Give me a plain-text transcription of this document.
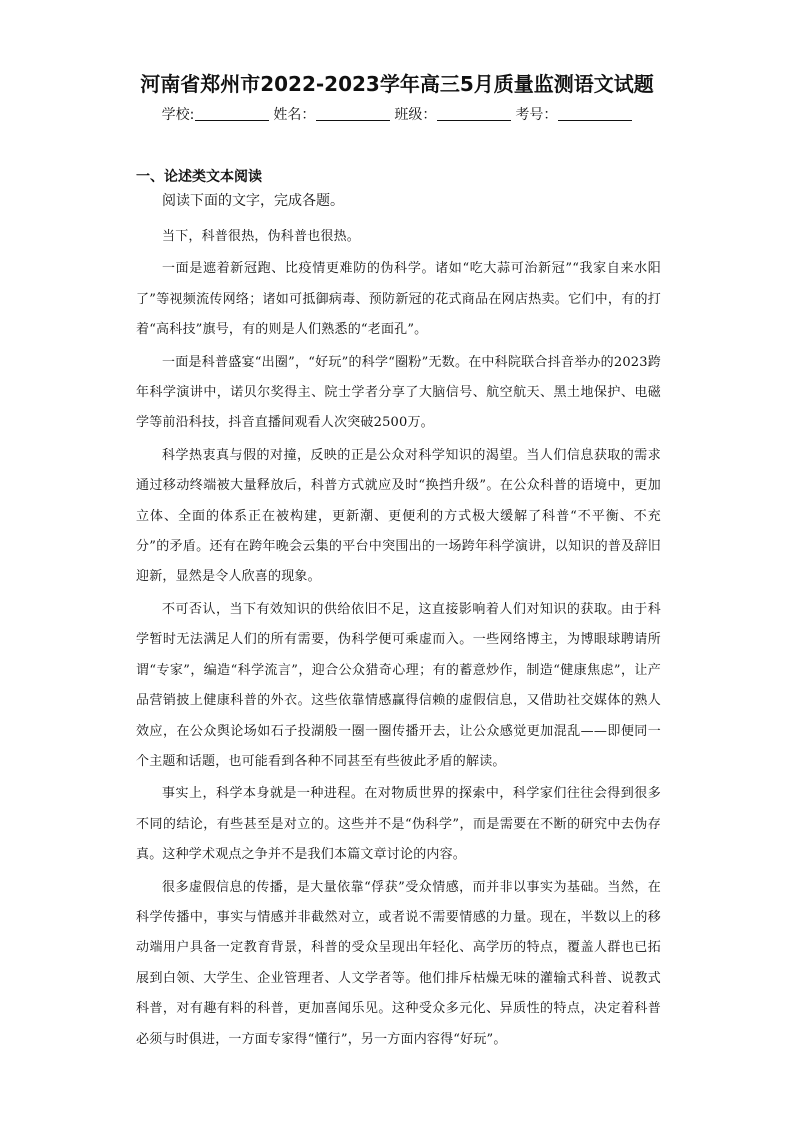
河南省郑州市2022-2023学年高三5月质量监测语文试题
学校:	姓名：	班级：	考号：
一、论述类文本阅读
阅读下面的文字，完成各题。

当下，科普很热，伪科普也很热。

一面是遮着新冠跑、比疫情更难防的伪科学。诸如“吃大蒜可治新冠”“我家自来水阳了”等视频流传网络；诸如可抵御病毒、预防新冠的花式商品在网店热卖。它们中，有的打着“高科技”旗号，有的则是人们熟悉的“老面孔”。

一面是科普盛宴“出圈”，“好玩”的科学“圈粉”无数。在中科院联合抖音举办的2023跨年科学演讲中，诺贝尔奖得主、院士学者分享了大脑信号、航空航天、黑土地保护、电磁学等前沿科技，抖音直播间观看人次突破2500万。

科学热衷真与假的对撞，反映的正是公众对科学知识的渴望。当人们信息获取的需求通过移动终端被大量释放后，科普方式就应及时“换挡升级”。在公众科普的语境中，更加立体、全面的体系正在被构建，更新潮、更便利的方式极大缓解了科普“不平衡、不充分”的矛盾。还有在跨年晚会云集的平台中突围出的一场跨年科学演讲，以知识的普及辞旧迎新，显然是令人欣喜的现象。

不可否认，当下有效知识的供给依旧不足，这直接影响着人们对知识的获取。由于科学暂时无法满足人们的所有需要，伪科学便可乘虚而入。一些网络博主，为博眼球聘请所谓“专家”，编造“科学流言”，迎合公众猎奇心理；有的蓄意炒作，制造“健康焦虑”，让产品营销披上健康科普的外衣。这些依靠情感赢得信赖的虚假信息，又借助社交媒体的熟人效应，在公众舆论场如石子投湖般一圈一圈传播开去，让公众感觉更加混乱——即便同一个主题和话题，也可能看到各种不同甚至有些彼此矛盾的解读。

事实上，科学本身就是一种进程。在对物质世界的探索中，科学家们往往会得到很多不同的结论，有些甚至是对立的。这些并不是“伪科学”，而是需要在不断的研究中去伪存真。这种学术观点之争并不是我们本篇文章讨论的内容。

很多虚假信息的传播，是大量依靠“俘获”受众情感，而并非以事实为基础。当然，在科学传播中，事实与情感并非截然对立，或者说不需要情感的力量。现在，半数以上的移动端用户具备一定教育背景，科普的受众呈现出年轻化、高学历的特点，覆盖人群也已拓展到白领、大学生、企业管理者、人文学者等。他们排斥枯燥无味的灌输式科普、说教式科普，对有趣有料的科普，更加喜闻乐见。这种受众多元化、异质性的特点，决定着科普必须与时俱进，一方面专家得“懂行”，另一方面内容得“好玩”。
